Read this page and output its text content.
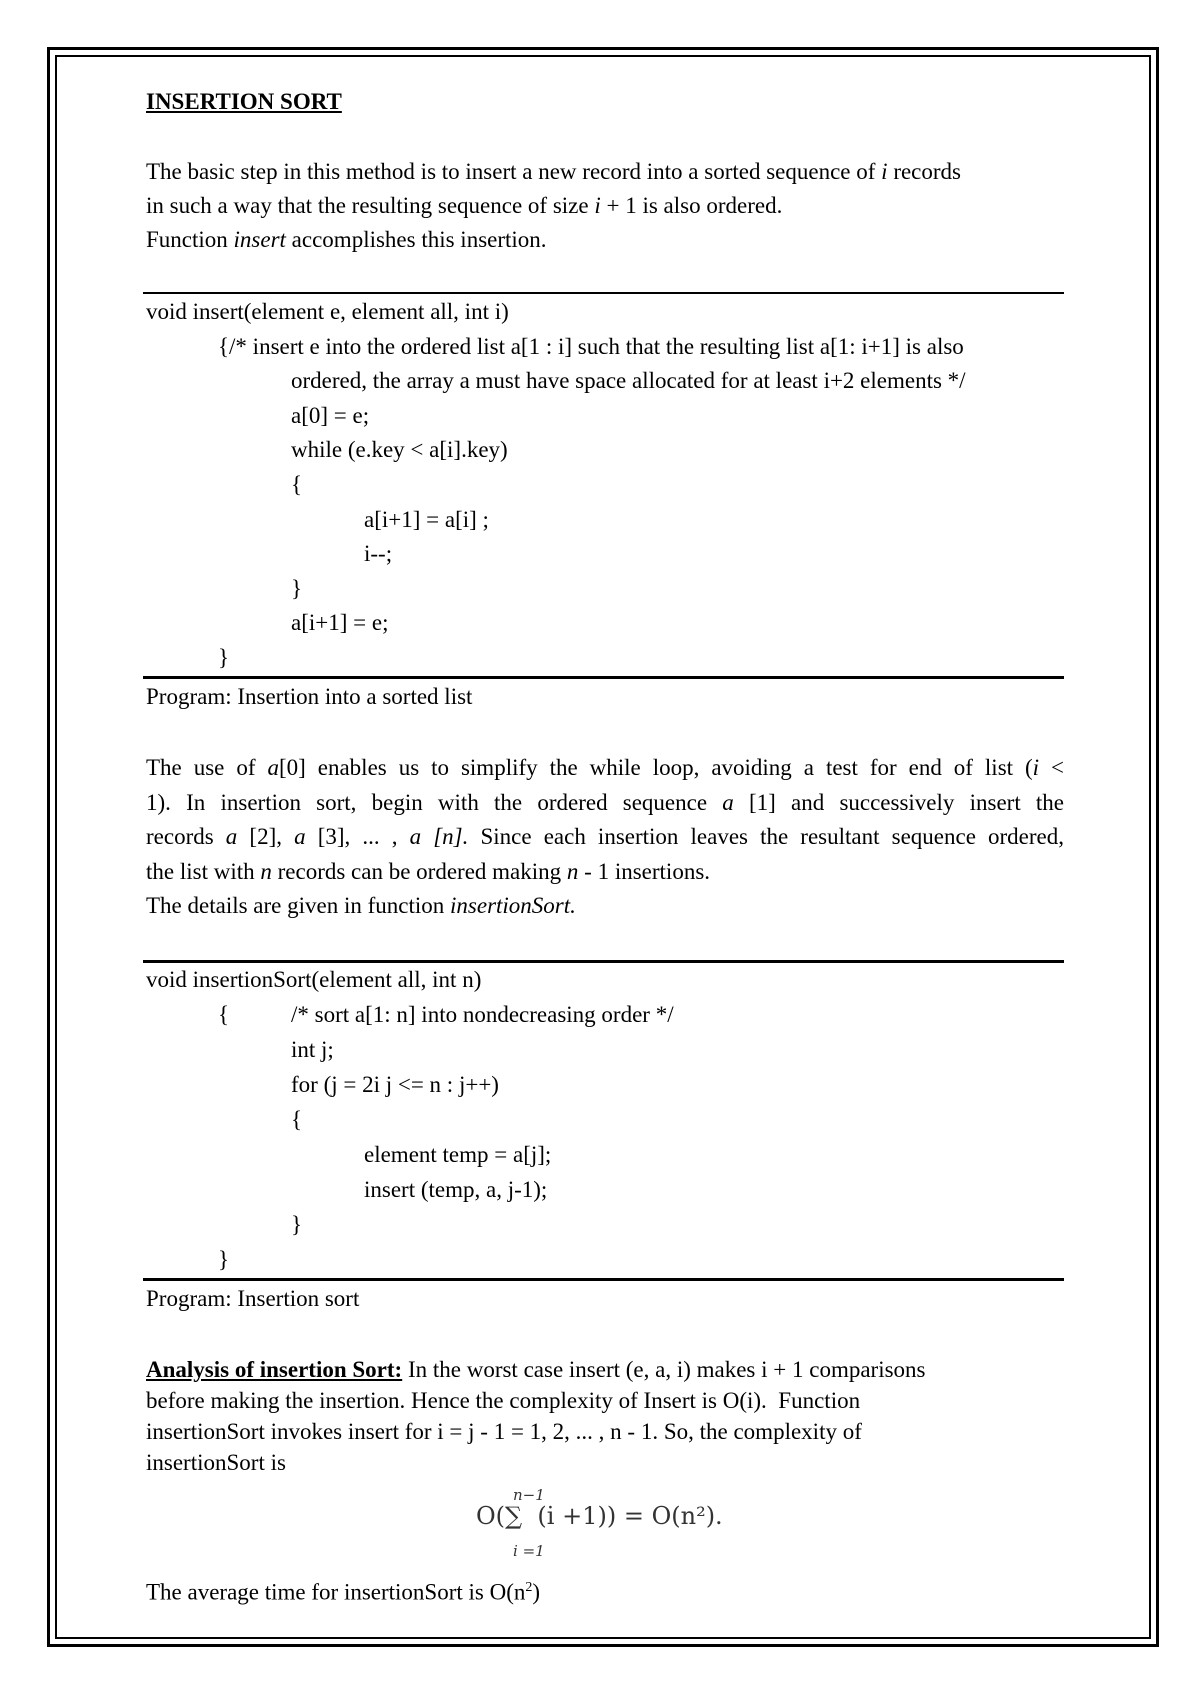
INSERTION SORT
The basic step in this method is to insert a new record into a sorted sequence of i records
in such a way that the resulting sequence of size i + 1 is also ordered.
Function insert accomplishes this insertion.
void insert(element e, element all, int i)
{/* insert e into the ordered list a[1 : i] such that the resulting list a[1: i+1] is also
ordered, the array a must have space allocated for at least i+2 elements */
a[0] = e;
while (e.key < a[i].key)
{
a[i+1] = a[i] ;
i--;
}
a[i+1] = e;
}
Program: Insertion into a sorted list
The use of a[0] enables us to simplify the while loop, avoiding a test for end of list (i <
1). In insertion sort, begin with the ordered sequence a [1] and successively insert the
records a [2], a [3], ... , a [n]. Since each insertion leaves the resultant sequence ordered,
the list with n records can be ordered making n - 1 insertions.
The details are given in function insertionSort.
void insertionSort(element all, int n)
{	/* sort a[1: n] into nondecreasing order */
int j;
for (j = 2i j <= n : j++)
{
element temp = a[j];
insert (temp, a, j-1);
}
}
Program: Insertion sort
Analysis of insertion Sort: In the worst case insert (e, a, i) makes i + 1 comparisons
before making the insertion. Hence the complexity of Insert is O(i).  Function
insertionSort invokes insert for i = j - 1 = 1, 2, ... , n - 1. So, the complexity of
insertionSort is
n−1
O(∑  (i +1)) = O(n²).
i =1
The average time for insertionSort is $O(n^2)$
